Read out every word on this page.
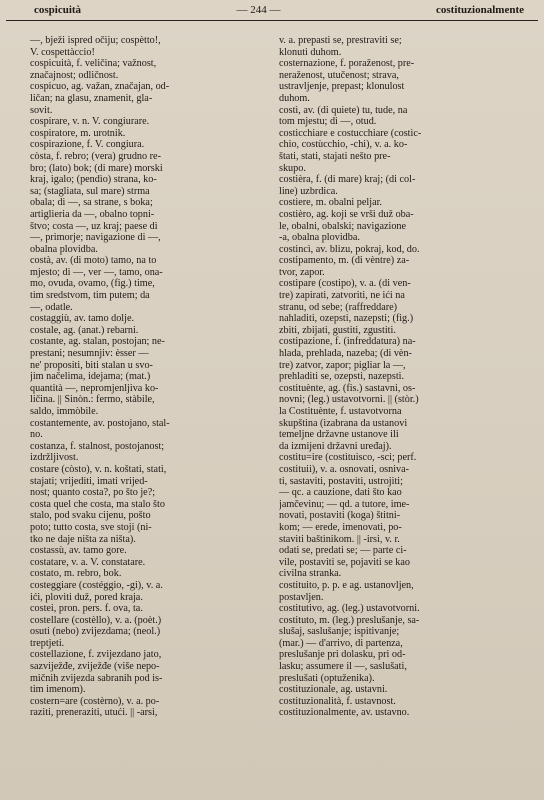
cospicuità	— 244 —	costituzionalmente
—, bježi ispred očiju; cospètto!,
V. cospettàccio!
cospicuità, f. veličina; važnost,
značajnost; odličnost.
cospicuo, ag. važan, značajan, od-
ličan; na glasu, znamenit, gla-
sovit.
cospirare, v. n. V. congiurare.
cospiratore, m. urotnik.
cospirazione, f. V. congiura.
còsta, f. rebro; (vera) grudno re-
bro; (lato) bok; (di mare) morski
kraj, igalo; (pendìo) strana, ko-
sa; (stagliata, sul mare) strma
obala; di —, sa strane, s boka;
artiglieria da —, obalno topni-
štvo; costa —, uz kraj; paese di
—, primorje; navigazione di —,
obalna plovidba.
costà, av. (di moto) tamo, na to
mjesto; di —, ver —, tamo, ona-
mo, ovuda, ovamo, (fig.) time,
tim sredstvom, tim putem; da
—, odatle.
costaggiù, av. tamo dolje.
costale, ag. (anat.) rebarni.
costante, ag. stalan, postojan; ne-
prestani; nesumnjiv: èsser —
ne' propositi, biti stalan u svo-
jim načelima, idejama; (mat.)
quantità —, nepromjenljiva ko-
ličina. || Sinòn.: fermo, stàbile,
saldo, immòbile.
costantemente, av. postojano, stal-
no.
costanza, f. stalnost, postojanost;
izdržljivost.
costare (còsto), v. n. koštati, stati,
stajati; vrijediti, imati vrijed-
nost; quanto costa?, po što je?;
costa quel che costa, ma stalo što
stalo, pod svaku cijenu, pošto
poto; tutto costa, sve stoji (ni-
tko ne daje ništa za ništa).
costassù, av. tamo gore.
costatare, v. a. V. constatare.
costato, m. rebro, bok.
costeggiare (costéggio, -gi), v. a.
ići, ploviti duž, pored kraja.
costei, pron. pers. f. ova, ta.
costellare (costèllo), v. a. (poèt.)
osuti (nebo) zvijezdama; (neol.)
treptjeti.
costellazione, f. zvijezdano jato,
sazviježđe, zviježđe (više nepo-
mičnih zvijezda sabranih pod is-
tim imenom).
costern=are (costèrno), v. a. po-
raziti, preneraziti, utući. || -arsi,
v. a. prepasti se, prestraviti se;
klonuti duhom.
costernazione, f. poraženost, pre-
neraženost, utučenost; strava,
ustravljenje, prepast; klonulost
duhom.
costì, av. (di quiete) tu, tude, na
tom mjestu; di —, otud.
costicchiare e costucchiare (costìc-
chio, costùcchio, -chi), v. a. ko-
štati, stati, stajati nešto pre-
skupo.
costièra, f. (di mare) kraj; (di col-
line) uzbrdica.
costiere, m. obalni peljar.
costièro, ag. koji se vrši duž oba-
le, obalni, obalski; navigazione
-a, obalna plovidba.
costincì, av. blizu, pokraj, kod, do.
costipamento, m. (di vèntre) za-
tvor, zapor.
costipare (costipo), v. a. (di ven-
tre) zapirati, zatvoriti, ne ići na
stranu, od sebe; (raffreddare)
nahladiti, ozepsti, nazepsti; (fig.)
zbiti, zbijati, gustiti, zgustiti.
costipazione, f. (infreddatura) na-
hlada, prehlada, nazeba; (di vèn-
tre) zatvor, zapor; pigliar la —,
prehladiti se, ozepsti, nazepsti.
costituènte, ag. (fis.) sastavni, os-
novni; (leg.) ustavotvorni. || (stòr.)
la Costituènte, f. ustavotvorna
skupština (izabrana da ustanovi
temeljne državne ustanove ili
da izmijeni državni uređaj).
costitu=ire (costituisco, -sci; perf.
costituii), v. a. osnovati, osniva-
ti, sastaviti, postaviti, ustrojiti;
— qc. a cauzione, dati što kao
jamčevinu; — qd. a tutore, ime-
novati, postaviti (koga) štitni-
kom; — erede, imenovati, po-
staviti baštinikom. || -irsi, v. r.
odati se, predati se; — parte ci-
vile, postaviti se, pojaviti se kao
civilna stranka.
costituito, p. p. e ag. ustanovljen,
postavljen.
costitutivo, ag. (leg.) ustavotvorni.
costituto, m. (leg.) preslušanje, sa-
slušaj, saslušanje; ispitivanje;
(mar.) — d'arrivo, di partenza,
preslušanje pri dolasku, pri od-
lasku; assumere il —, saslušati,
preslušati (optuženika).
costituzionale, ag. ustavni.
costituzionalità, f. ustavnost.
costituzionalmente, av. ustavno.
